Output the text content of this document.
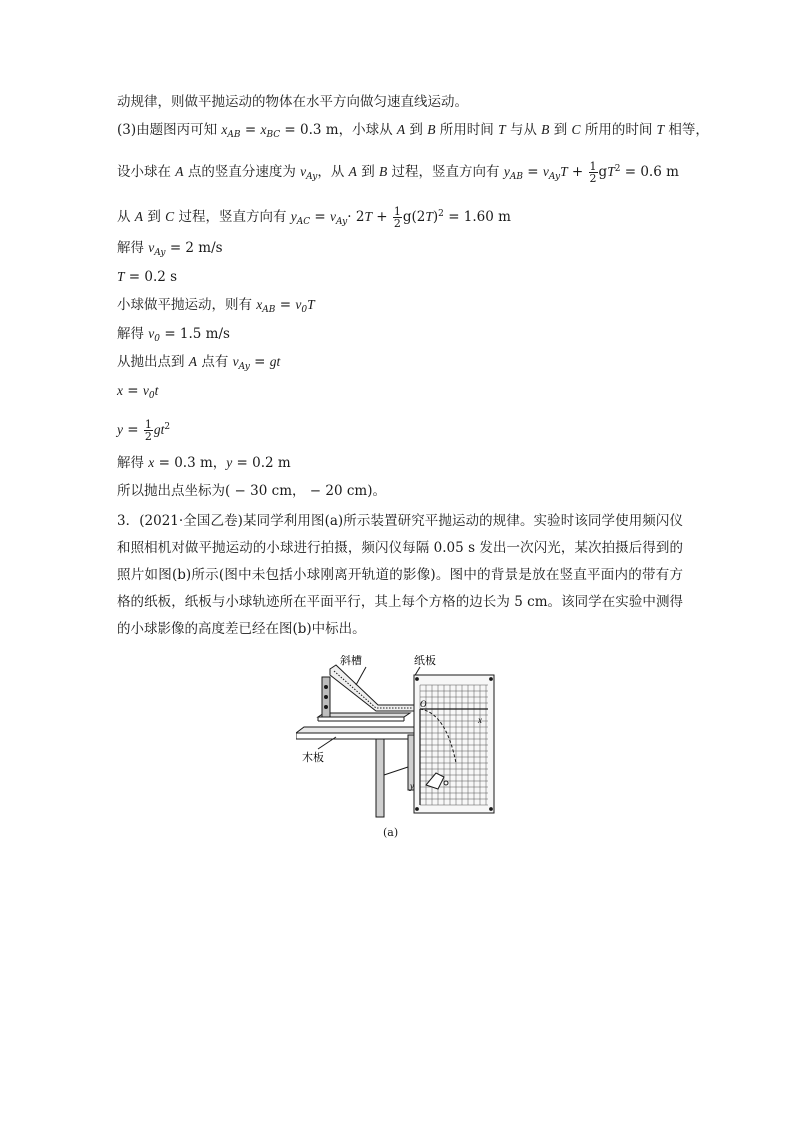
动规律，则做平抛运动的物体在水平方向做匀速直线运动。
(3)由题图丙可知 $x_{AB} = x_{BC} = 0.3$ m，小球从 A 到 B 所用时间 T 与从 B 到 C 所用的时间 T 相等，
设小球在 A 点的竖直分速度为 $v_{Ay}$，从 A 到 B 过程，竖直方向有 $y_{AB} = v_{Ay}T + \frac{1}{2} gT^2 = 0.6$ m
从 A 到 C 过程，竖直方向有 $y_{AC} = v_{Ay}\cdot 2T + \frac{1}{2} g(2T)^2 = 1.60$ m
解得 $v_{Ay} = 2$ m/s
T = 0.2 s
小球做平抛运动，则有 $x_{AB} = v_0T$
解得 $v_0 = 1.5$ m/s
从抛出点到 A 点有 $v_{Ay}$ = gt
$x = v_0t$
$y = \frac{1}{2} gt^2$
解得 x = 0.3 m，y = 0.2 m
所以抛出点坐标为( − 30 cm， − 20 cm)。
3．(2021·全国乙卷)某同学利用图(a)所示装置研究平抛运动的规律。实验时该同学使用频闪仪和照相机对做平抛运动的小球进行拍摄，频闪仪每隔 0.05 s 发出一次闪光，某次拍摄后得到的照片如图(b)所示(图中未包括小球刚离开轨道的影像)。图中的背景是放在竖直平面内的带有方格的纸板，纸板与小球轨迹所在平面平行，其上每个方格的边长为 5 cm。该同学在实验中测得的小球影像的高度差已经在图(b)中标出。
斜槽	纸板
木板
O
x
y
(a)
